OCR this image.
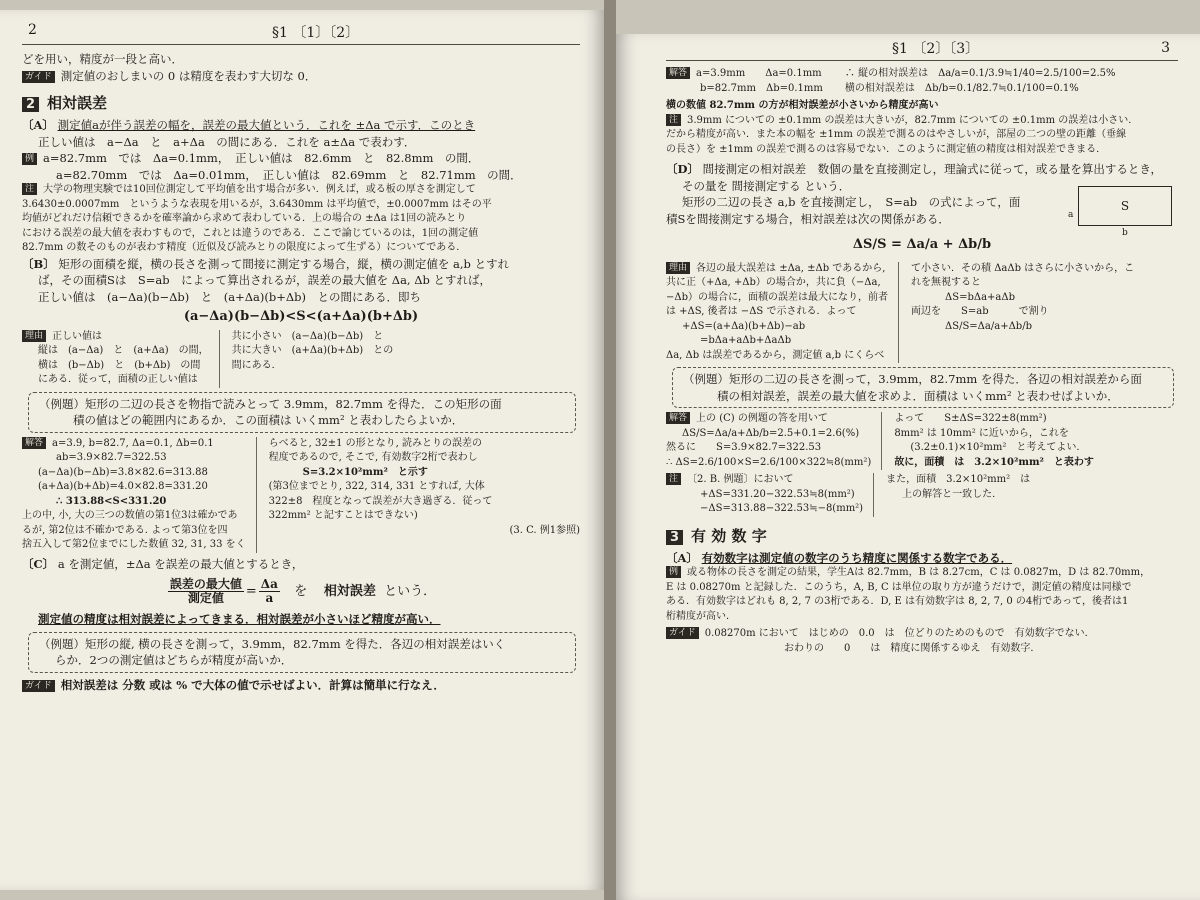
2	§1 〔1〕〔2〕

どを用い，精度が一段と高い．

ガイド 測定値のおしまいの 0 は精度を表わす大切な 0．

2 相対誤差

〔A〕 測定値aが伴う誤差の幅を，誤差の最大値という．これを ±Δa で示す．このとき

正しい値は　a−Δa　と　a+Δa　の間にある．これを a±Δa で表わす．

例 a=82.7mm　では　Δa=0.1mm，　正しい値は　82.6mm　と　82.8mm　の間．

a=82.70mm　では　Δa=0.01mm，　正しい値は　82.69mm　と　82.71mm　の間．

注 大学の物理実験では10回位測定して平均値を出す場合が多い．例えば，或る板の厚さを測定して

3.6430±0.0007mm　というような表現を用いるが，3.6430mm は平均値で，±0.0007mm はその平

均値がどれだけ信頼できるかを確率論から求めて表わしている．上の場合の ±Δa は1回の読みとり

における誤差の最大値を表わすもので，これとは違うのである．ここで論じているのは，1回の測定値

82.7mm の数そのものが表わす精度（近似及び読みとりの限度によって生ずる）についてである．

〔B〕 矩形の面積を縦，横の長さを測って間接に測定する場合，縦，横の測定値を a,b とすれ

ば，その面積Sは　S=ab　によって算出されるが，誤差の最大値を Δa, Δb とすれば，

正しい値は　(a−Δa)(b−Δb)　と　(a+Δa)(b+Δb)　との間にある．即ち

(a−Δa)(b−Δb)<S<(a+Δa)(b+Δb)

理由 正しい値は

縦は　(a−Δa)　と　(a+Δa)　の間，

横は　(b−Δb)　と　(b+Δb)　の間

にある．従って，面積の正しい値は

共に小さい　(a−Δa)(b−Δb)　と

共に大きい　(a+Δa)(b+Δb)　との

間にある．

（例題）矩形の二辺の長さを物指で読みとって 3.9mm，82.7mm を得た．この矩形の面

積の値はどの範囲内にあるか．この面積は いくmm² と表わしたらよいか．

解答 a=3.9, b=82.7, Δa=0.1, Δb=0.1

ab=3.9×82.7=322.53

(a−Δa)(b−Δb)=3.8×82.6=313.88

(a+Δa)(b+Δb)=4.0×82.8=331.20

∴ 313.88<S<331.20

上の中, 小, 大の三つの数値の第1位3は確かであ

るが, 第2位は不確かである. よって第3位を四

捨五入して第2位までにした数値 32, 31, 33 をく

らべると, 32±1 の形となり, 読みとりの誤差の

程度であるので, そこで, 有効数字2桁で表わし

S=3.2×10²mm²　と示す

(第3位までとり, 322, 314, 331 とすれば, 大体

322±8　程度となって誤差が大き過ぎる．従って

322mm² と記すことはできない)

(3. C. 例1参照)

〔C〕 a を測定値，±Δa を誤差の最大値とするとき，

$\frac{\text{誤差の最大値}}{\text{測定値}} = \frac{\Delta a}{a}$ を 相対誤差 という．

測定値の精度は相対誤差によってきまる．相対誤差が小さいほど精度が高い．

（例題）矩形の縦, 横の長さを測って，3.9mm，82.7mm を得た．各辺の相対誤差はいく

らか．2つの測定値はどちらが精度が高いか．

ガイド 相対誤差は 分数 或は % で大体の値で示せばよい．計算は簡単に行なえ．

§1 〔2〕〔3〕	3

解答 a=3.9mm　　Δa=0.1mm

b=82.7mm　Δb=0.1mm

∴ 縦の相対誤差は　Δa/a=0.1/3.9≒1/40=2.5/100=2.5%

横の相対誤差は　Δb/b=0.1/82.7≒0.1/100=0.1%

横の数値 82.7mm の方が相対誤差が小さいから精度が高い

注 3.9mm についての ±0.1mm の誤差は大きいが，82.7mm についての ±0.1mm の誤差は小さい．

だから精度が高い．また本の幅を ±1mm の誤差で測るのはやさしいが，部屋の二つの壁の距離（垂線

の長さ）を ±1mm の誤差で測るのは容易でない．このように測定値の精度は相対誤差できまる．

〔D〕 間接測定の相対誤差　数個の量を直接測定し，理論式に従って，或る量を算出するとき，

その量を 間接測定する という．

矩形の二辺の長さ a,b を直接測定し，　S=ab　の式によって，面

積Sを間接測定する場合，相対誤差は次の関係がある．

S
a
b

ΔS/S = Δa/a + Δb/b

理由 各辺の最大誤差は ±Δa, ±Δb であるから,

共に正（+Δa, +Δb）の場合か，共に負（−Δa,

−Δb）の場合に，面積の誤差は最大になり，前者

は +ΔS, 後者は −ΔS で示される．よって

+ΔS=(a+Δa)(b+Δb)−ab

=bΔa+aΔb+ΔaΔb

Δa, Δb は誤差であるから，測定値 a,b にくらべ

て小さい．その積 ΔaΔb はさらに小さいから，こ

れを無視すると

ΔS=bΔa+aΔb

両辺を　　S=ab　　　で割り

ΔS/S=Δa/a+Δb/b

（例題）矩形の二辺の長さを測って，3.9mm，82.7mm を得た．各辺の相対誤差から面

積の相対誤差，誤差の最大値を求めよ．面積は いくmm² と表わせばよいか．

解答 上の (C) の例題の答を用いて

ΔS/S=Δa/a+Δb/b=2.5+0.1=2.6(%)

然るに　　S=3.9×82.7=322.53

∴ ΔS=2.6/100×S=2.6/100×322≒8(mm²)

よって　　S±ΔS=322±8(mm²)

8mm² は 10mm² に近いから，これを

(3.2±0.1)×10²mm²　と考えてよい．

故に，面積　は　3.2×10²mm²　と表わす

注 〔2. B. 例題〕において

+ΔS=331.20−322.53≒8(mm²)

−ΔS=313.88−322.53≒−8(mm²)

また，面積　3.2×10²mm²　は

上の解答と一致した．

3 有 効 数 字

〔A〕 有効数字は測定値の数字のうち精度に関係する数字である．

例 或る物体の長さを測定の結果，学生Aは 82.7mm，B は 8.27cm，C は 0.0827m，D は 82.70mm，

E は 0.08270m と記録した．このうち，A, B, C は単位の取り方が違うだけで，測定値の精度は同様で

ある．有効数字はどれも 8, 2, 7 の3桁である．D, E は有効数字は 8, 2, 7, 0 の4桁であって，後者は1

桁精度が高い．

ガイド 0.08270m において　はじめの　0.0　は　位どりのためのもので　有効数字でない．

おわりの　　0　　は　精度に関係するゆえ　有効数字．
